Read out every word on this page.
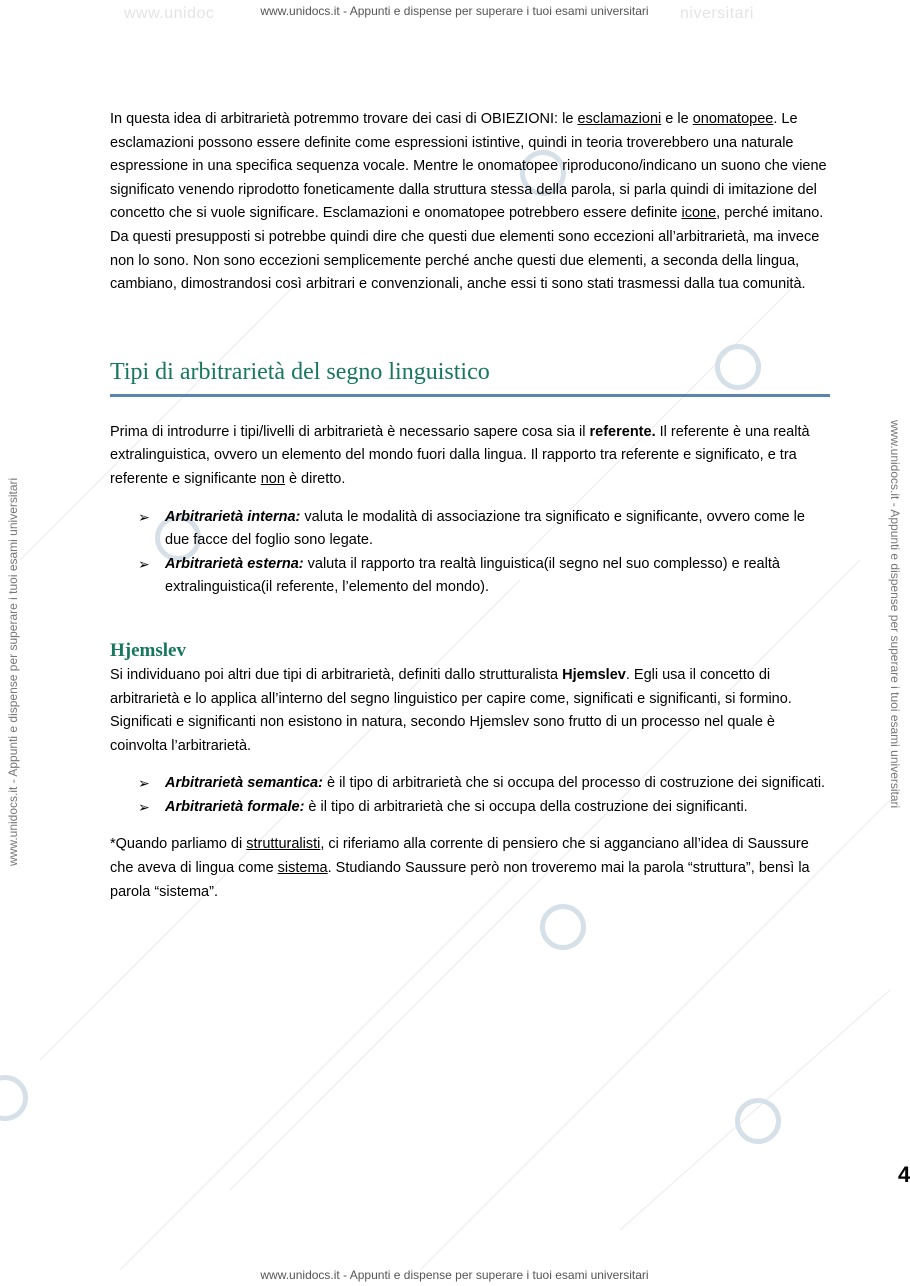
www.unidoc	niversitari
www.unidocs.it - Appunti e dispense per superare i tuoi esami universitari
www.unidocs.it - Appunti e dispense per superare i tuoi esami universitari
www.unidocs.it - Appunti e dispense per superare i tuoi esami universitari	www.unidocs.it - Appunti e dispense per superare i tuoi esami universitari

In questa idea di arbitrarietà potremmo trovare dei casi di OBIEZIONI: le esclamazioni e le onomatopee. Le esclamazioni possono essere definite come espressioni istintive, quindi in teoria troverebbero una naturale espressione in una specifica sequenza vocale. Mentre le onomatopee riproducono/indicano un suono che viene significato venendo riprodotto foneticamente dalla struttura stessa della parola, si parla quindi di imitazione del concetto che si vuole significare. Esclamazioni e onomatopee potrebbero essere definite icone, perché imitano. Da questi presupposti si potrebbe quindi dire che questi due elementi sono eccezioni all’arbitrarietà, ma invece non lo sono. Non sono eccezioni semplicemente perché anche questi due elementi, a seconda della lingua, cambiano, dimostrandosi così arbitrari e convenzionali, anche essi ti sono stati trasmessi dalla tua comunità.

Tipi di arbitrarietà del segno linguistico

Prima di introdurre i tipi/livelli di arbitrarietà è necessario sapere cosa sia il referente. Il referente è una realtà extralinguistica, ovvero un elemento del mondo fuori dalla lingua. Il rapporto tra referente e significato, e tra referente e significante non è diretto.

➢ Arbitrarietà interna: valuta le modalità di associazione tra significato e significante, ovvero come le due facce del foglio sono legate.
➢ Arbitrarietà esterna: valuta il rapporto tra realtà linguistica(il segno nel suo complesso) e realtà extralinguistica(il referente, l’elemento del mondo).
Hjemslev

Si individuano poi altri due tipi di arbitrarietà, definiti dallo strutturalista Hjemslev. Egli usa il concetto di arbitrarietà e lo applica all’interno del segno linguistico per capire come, significati e significanti, si formino. Significati e significanti non esistono in natura, secondo Hjemslev sono frutto di un processo nel quale è coinvolta l’arbitrarietà.

➢ Arbitrarietà semantica: è il tipo di arbitrarietà che si occupa del processo di costruzione dei significati.
➢ Arbitrarietà formale: è il tipo di arbitrarietà che si occupa della costruzione dei significanti.

*Quando parliamo di strutturalisti, ci riferiamo alla corrente di pensiero che si agganciano all’idea di Saussure che aveva di lingua come sistema. Studiando Saussure però non troveremo mai la parola “struttura”, bensì la parola “sistema”.

4
